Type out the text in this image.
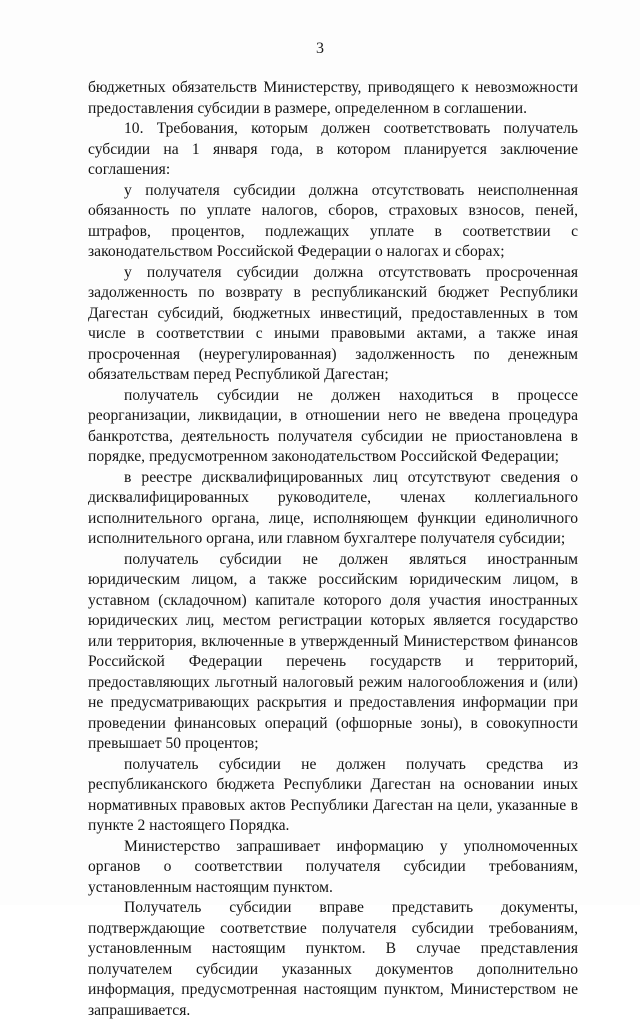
3

бюджетных обязательств Министерству, приводящего к невозможности предоставления субсидии в размере, определенном в соглашении.

10. Требования, которым должен соответствовать получатель субсидии на 1 января года, в котором планируется заключение соглашения:

у получателя субсидии должна отсутствовать неисполненная обязанность по уплате налогов, сборов, страховых взносов, пеней, штрафов, процентов, подлежащих уплате в соответствии с законодательством Российской Федерации о налогах и сборах;

у получателя субсидии должна отсутствовать просроченная задолженность по возврату в республиканский бюджет Республики Дагестан субсидий, бюджетных инвестиций, предоставленных в том числе в соответствии с иными правовыми актами, а также иная просроченная (неурегулированная) задолженность по денежным обязательствам перед Республикой Дагестан;

получатель субсидии не должен находиться в процессе реорганизации, ликвидации, в отношении него не введена процедура банкротства, деятельность получателя субсидии не приостановлена в порядке, предусмотренном законодательством Российской Федерации;

в реестре дисквалифицированных лиц отсутствуют сведения о дисквалифицированных руководителе, членах коллегиального исполнительного органа, лице, исполняющем функции единоличного исполнительного органа, или главном бухгалтере получателя субсидии;

получатель субсидии не должен являться иностранным юридическим лицом, а также российским юридическим лицом, в уставном (складочном) капитале которого доля участия иностранных юридических лиц, местом регистрации которых является государство или территория, включенные в утвержденный Министерством финансов Российской Федерации перечень государств и территорий, предоставляющих льготный налоговый режим налогообложения и (или) не предусматривающих раскрытия и предоставления информации при проведении финансовых операций (офшорные зоны), в совокупности превышает 50 процентов;

получатель субсидии не должен получать средства из республиканского бюджета Республики Дагестан на основании иных нормативных правовых актов Республики Дагестан на цели, указанные в пункте 2 настоящего Порядка.

Министерство запрашивает информацию у уполномоченных органов о соответствии получателя субсидии требованиям, установленным настоящим пунктом.

Получатель субсидии вправе представить документы, подтверждающие соответствие получателя субсидии требованиям, установленным настоящим пунктом. В случае представления получателем субсидии указанных документов дополнительно информация, предусмотренная настоящим пунктом, Министерством не запрашивается.
